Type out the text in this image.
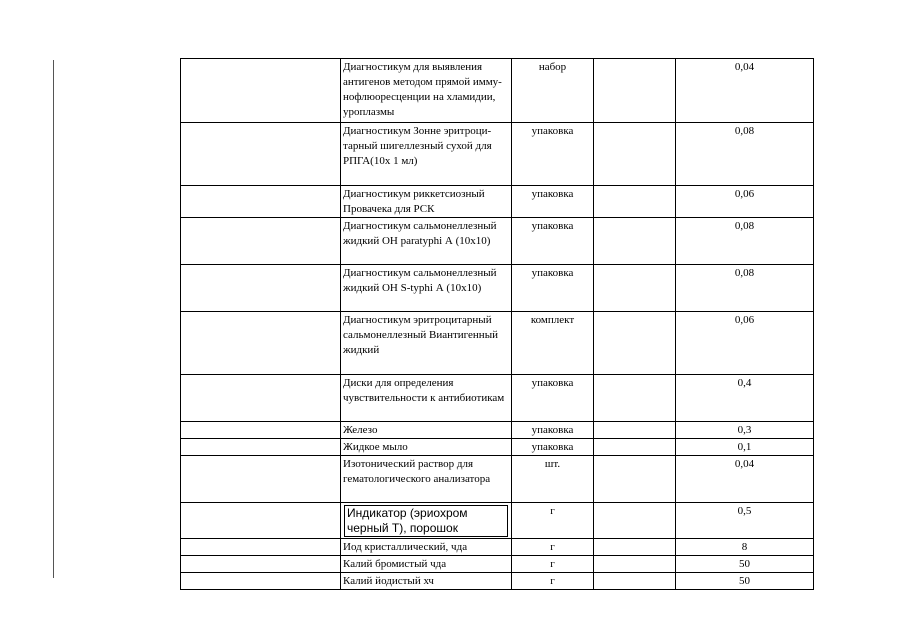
	Диагностикум для выявления антигенов методом прямой имму-нофлюоресценции на хламидии, уроплазмы	набор		0,04
	Диагностикум Зонне эритроци-тарный шигеллезный сухой для РПГА(10х 1 мл)	упаковка		0,08
	Диагностикум риккетсиозный Провачека для РСК	упаковка		0,06
	Диагностикум сальмонеллезный жидкий ОН paratyphi А (10х10)	упаковка		0,08
	Диагностикум сальмонеллезный жидкий ОН S-typhi А (10х10)	упаковка		0,08
	Диагностикум эритроцитарный сальмонеллезный Виантигенный жидкий	комплект		0,06
	Диски для определения чувствительности к антибиотикам	упаковка		0,4
	Железо	упаковка		0,3
	Жидкое мыло	упаковка		0,1
	Изотонический раствор для гематологического анализатора	шт.		0,04

	Индикатор (эриохром черный Т), порошок	г		0,5
	Иод кристаллический, чда	г		8
	Калий бромистый чда	г		50
	Калий йодистый хч	г		50
